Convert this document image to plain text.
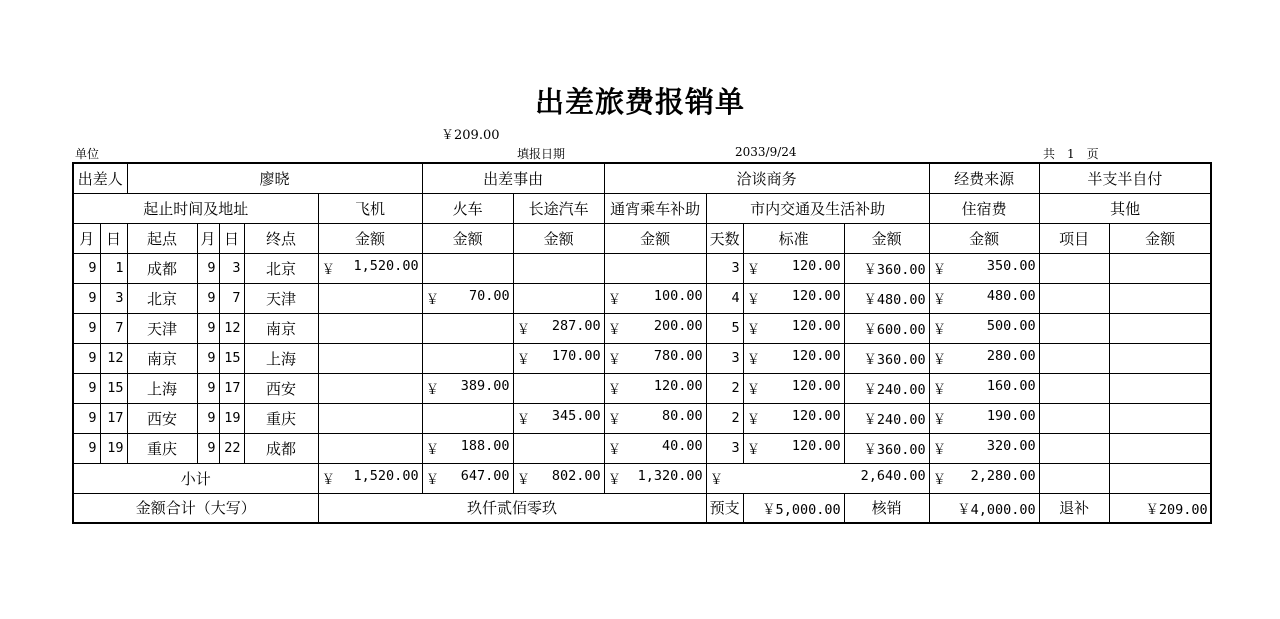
出差旅费报销单
￥209.00
单位	填报日期	2033/9/24	共　1　页
出差人		廖晓					出差事由		洽谈商务				经费来源	半支半自付	
起止时间及地址						飞机	火车	长途汽车	通宵乘车补助	市内交通及生活补助			住宿费	其他	
月	日	起点	月	日	终点	金额	金额	金额	金额	天数	标准	金额	金额	项目	金额
9	1	成都	9	3	北京	￥ 1,520.00				3	￥ 120.00	￥360.00	￥ 350.00		

9	3	北京	9	7	天津		￥ 70.00		￥ 100.00	4	￥ 120.00	￥480.00	￥ 480.00		

9	7	天津	9	12	南京			￥ 287.00	￥ 200.00	5	￥ 120.00	￥600.00	￥ 500.00		

9	12	南京	9	15	上海			￥ 170.00	￥ 780.00	3	￥ 120.00	￥360.00	￥ 280.00		

9	15	上海	9	17	西安		￥ 389.00		￥ 120.00	2	￥ 120.00	￥240.00	￥ 160.00		

9	17	西安	9	19	重庆			￥ 345.00	￥ 80.00	2	￥ 120.00	￥240.00	￥ 190.00		

9	19	重庆	9	22	成都		￥ 188.00		￥ 40.00	3	￥ 120.00	￥360.00	￥ 320.00		

小计						￥ 1,520.00	￥ 647.00	￥ 802.00	￥ 1,320.00	￥ 2,640.00			￥ 2,280.00		

金额合计（大写）						玖仟贰佰零玖				预支	￥5,000.00	核销	￥4,000.00	退补	￥209.00
